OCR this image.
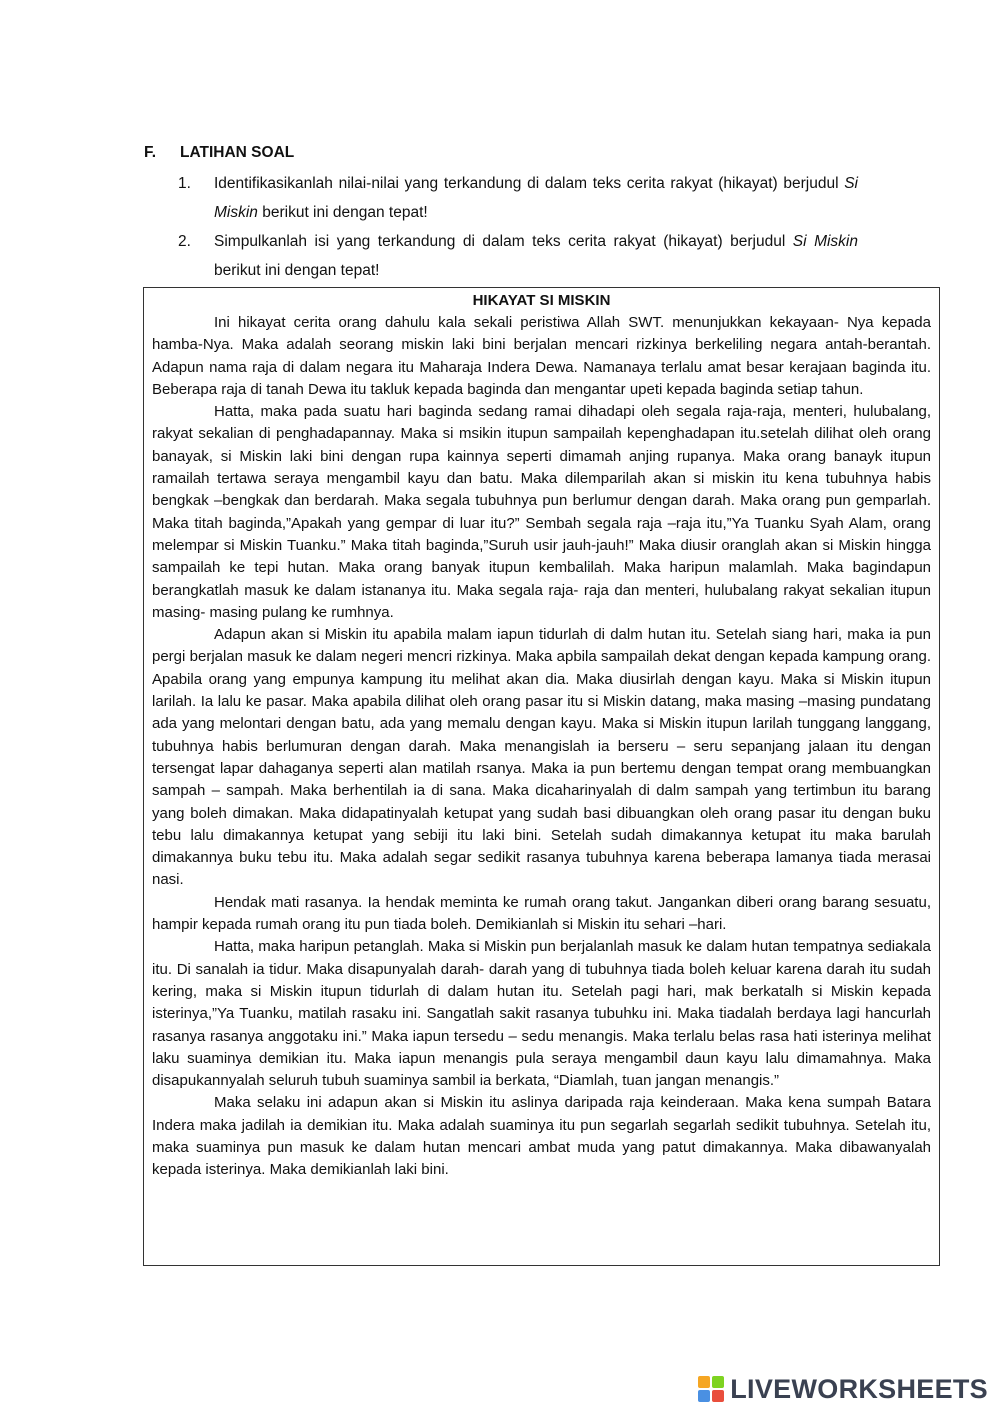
F. LATIHAN SOAL
1. Identifikasikanlah nilai-nilai yang terkandung di dalam teks cerita rakyat (hikayat) berjudul Si Miskin berikut ini dengan tepat!
2. Simpulkanlah isi yang terkandung di dalam teks cerita rakyat (hikayat) berjudul Si Miskin berikut ini dengan tepat!

HIKAYAT SI MISKIN

Ini hikayat cerita orang dahulu kala sekali peristiwa Allah SWT. menunjukkan kekayaan- Nya kepada hamba-Nya. Maka adalah seorang miskin laki bini berjalan mencari rizkinya berkeliling negara antah-berantah. Adapun nama raja di dalam negara itu Maharaja Indera Dewa. Namanaya terlalu amat besar kerajaan baginda itu. Beberapa raja di tanah Dewa itu takluk kepada baginda dan mengantar upeti kepada baginda setiap tahun.

Hatta, maka pada suatu hari baginda sedang ramai dihadapi oleh segala raja-raja, menteri, hulubalang, rakyat sekalian di penghadapannay. Maka si msikin itupun sampailah kepenghadapan itu.setelah dilihat oleh orang banayak, si Miskin laki bini dengan rupa kainnya seperti dimamah anjing rupanya. Maka orang banayk itupun ramailah tertawa seraya mengambil kayu dan batu. Maka dilemparilah akan si miskin itu kena tubuhnya habis bengkak –bengkak dan berdarah. Maka segala tubuhnya pun berlumur dengan darah. Maka orang pun gemparlah. Maka titah baginda,”Apakah yang gempar di luar itu?” Sembah segala raja –raja itu,”Ya Tuanku Syah Alam, orang melempar si Miskin Tuanku.” Maka titah baginda,”Suruh usir jauh-jauh!” Maka diusir oranglah akan si Miskin hingga sampailah ke tepi hutan. Maka orang banyak itupun kembalilah. Maka haripun malamlah. Maka bagindapun berangkatlah masuk ke dalam istananya itu. Maka segala raja- raja dan menteri, hulubalang rakyat sekalian itupun masing- masing pulang ke rumhnya.

Adapun akan si Miskin itu apabila malam iapun tidurlah di dalm hutan itu. Setelah siang hari, maka ia pun pergi berjalan masuk ke dalam negeri mencri rizkinya. Maka apbila sampailah dekat dengan kepada kampung orang. Apabila orang yang empunya kampung itu melihat akan dia. Maka diusirlah dengan kayu. Maka si Miskin itupun larilah. Ia lalu ke pasar. Maka apabila dilihat oleh orang pasar itu si Miskin datang, maka masing –masing pundatang ada yang melontari dengan batu, ada yang memalu dengan kayu. Maka si Miskin itupun larilah tunggang langgang, tubuhnya habis berlumuran dengan darah. Maka menangislah ia berseru – seru sepanjang jalaan itu dengan tersengat lapar dahaganya seperti alan matilah rsanya. Maka ia pun bertemu dengan tempat orang membuangkan sampah – sampah. Maka berhentilah ia di sana. Maka dicaharinyalah di dalm sampah yang tertimbun itu barang yang boleh dimakan. Maka didapatinyalah ketupat yang sudah basi dibuangkan oleh orang pasar itu dengan buku tebu lalu dimakannya ketupat yang sebiji itu laki bini. Setelah sudah dimakannya ketupat itu maka barulah dimakannya buku tebu itu. Maka adalah segar sedikit rasanya tubuhnya karena beberapa lamanya tiada merasai nasi.

Hendak mati rasanya. Ia hendak meminta ke rumah orang takut. Jangankan diberi orang barang sesuatu, hampir kepada rumah orang itu pun tiada boleh. Demikianlah si Miskin itu sehari –hari.

Hatta, maka haripun petanglah. Maka si Miskin pun berjalanlah masuk ke dalam hutan tempatnya sediakala itu. Di sanalah ia tidur. Maka disapunyalah darah- darah yang di tubuhnya tiada boleh keluar karena darah itu sudah kering, maka si Miskin itupun tidurlah di dalam hutan itu. Setelah pagi hari, mak berkatalh si Miskin kepada isterinya,”Ya Tuanku, matilah rasaku ini. Sangatlah sakit rasanya tubuhku ini. Maka tiadalah berdaya lagi hancurlah rasanya rasanya anggotaku ini.” Maka iapun tersedu – sedu menangis. Maka terlalu belas rasa hati isterinya melihat laku suaminya demikian itu. Maka iapun menangis pula seraya mengambil daun kayu lalu dimamahnya. Maka disapukannyalah seluruh tubuh suaminya sambil ia berkata, “Diamlah, tuan jangan menangis.”

Maka selaku ini adapun akan si Miskin itu aslinya daripada raja keinderaan. Maka kena sumpah Batara Indera maka jadilah ia demikian itu. Maka adalah suaminya itu pun segarlah segarlah sedikit tubuhnya. Setelah itu, maka suaminya pun masuk ke dalam hutan mencari ambat muda yang patut dimakannya. Maka dibawanyalah kepada isterinya. Maka demikianlah laki bini.

LIVEWORKSHEETS
